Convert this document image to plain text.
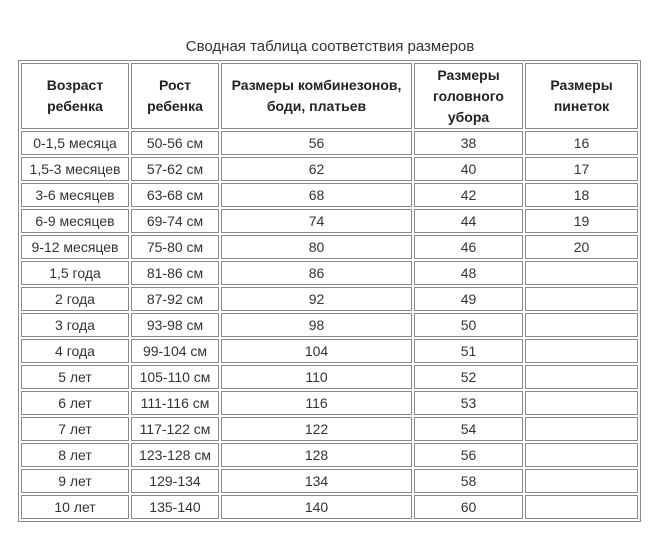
Сводная таблица соответствия размеров
Возраст ребенка	Рост ребенка	Размеры комбинезонов, боди, платьев	Размеры головного убора	Размеры пинеток
0-1,5 месяца	50-56 см	56	38	16
1,5-3 месяцев	57-62 см	62	40	17
3-6 месяцев	63-68 см	68	42	18
6-9 месяцев	69-74 см	74	44	19
9-12 месяцев	75-80 см	80	46	20
1,5 года	81-86 см	86	48	
2 года	87-92 см	92	49	
3 года	93-98 см	98	50	
4 года	99-104 см	104	51	
5 лет	105-110 см	110	52	
6 лет	111-116 см	116	53	
7 лет	117-122 см	122	54	
8 лет	123-128 см	128	56	
9 лет	129-134	134	58	
10 лет	135-140	140	60	
